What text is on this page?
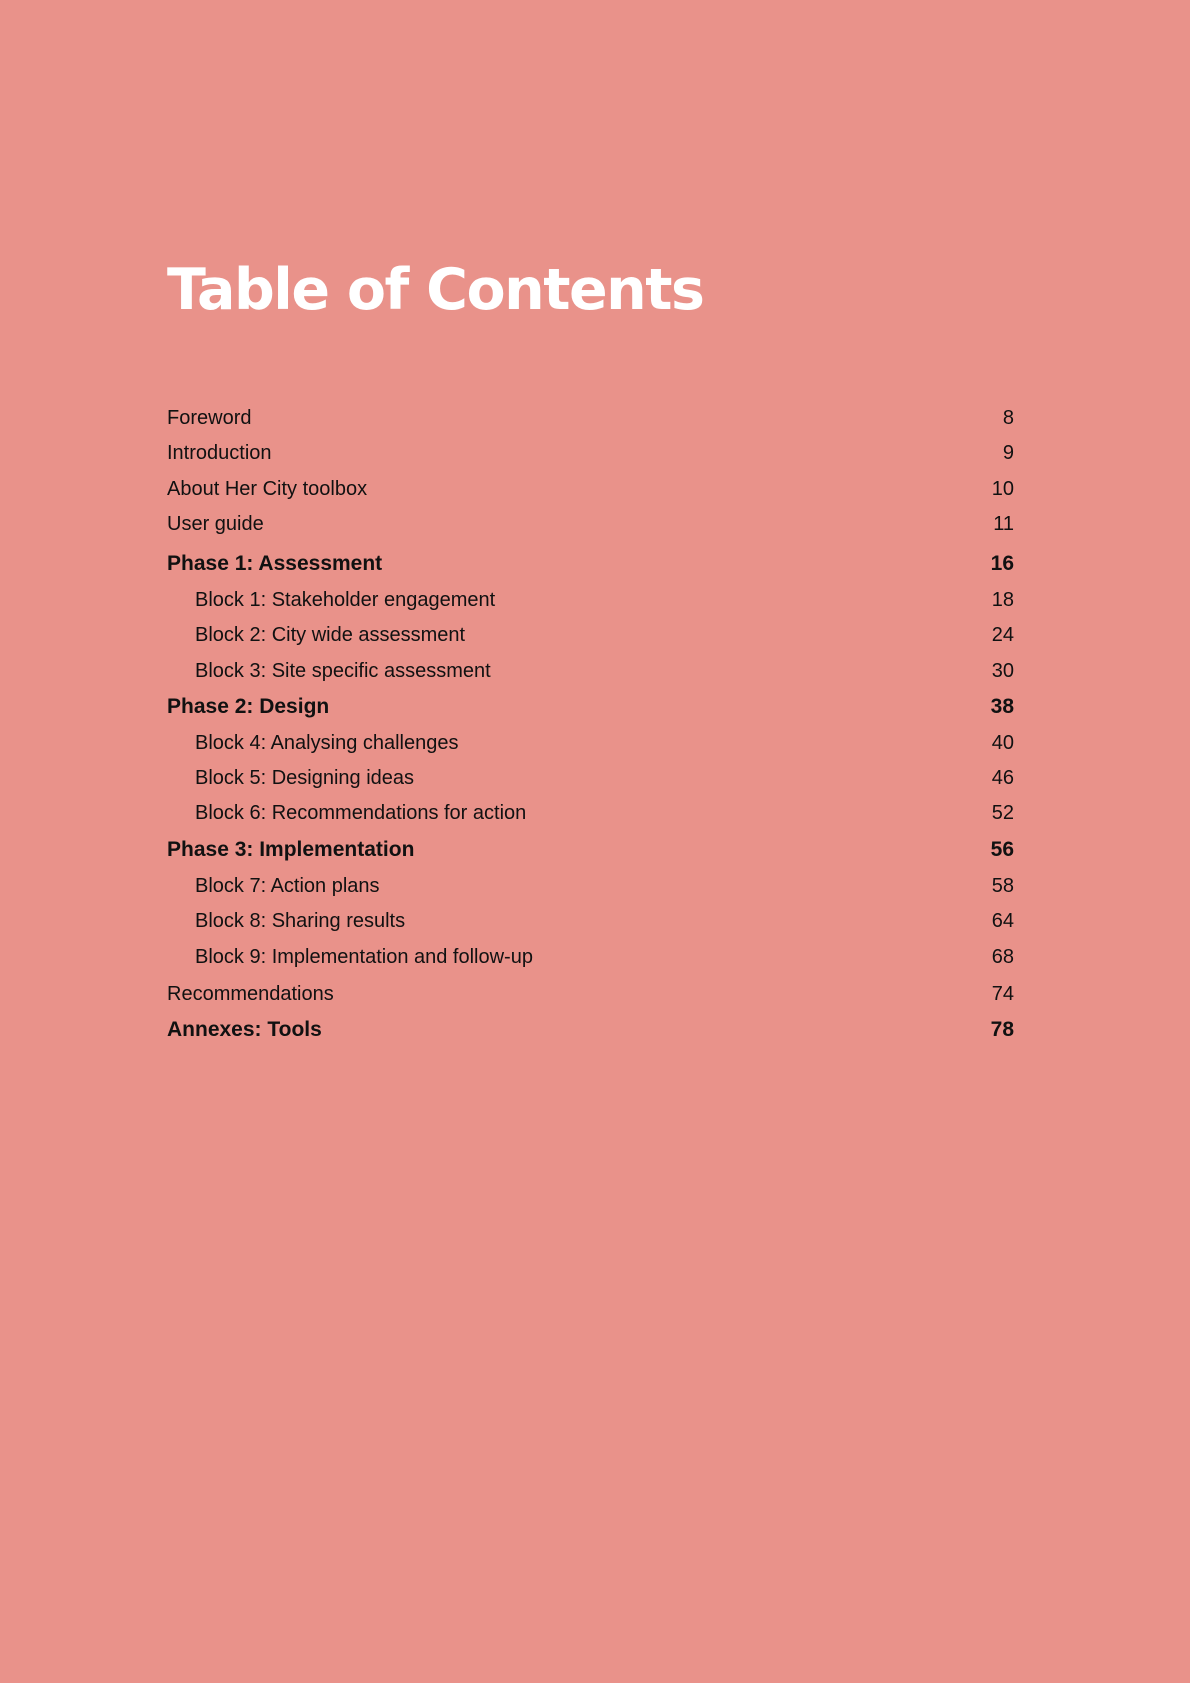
Table of Contents
Foreword	8
Introduction	9
About Her City toolbox	10
User guide	11
Phase 1: Assessment	16
Block 1: Stakeholder engagement	18
Block 2: City wide assessment	24
Block 3: Site specific assessment	30
Phase 2: Design	38
Block 4: Analysing challenges	40
Block 5: Designing ideas	46
Block 6: Recommendations for action	52
Phase 3: Implementation	56
Block 7: Action plans	58
Block 8: Sharing results	64
Block 9: Implementation and follow-up	68
Recommendations	74
Annexes: Tools	78
